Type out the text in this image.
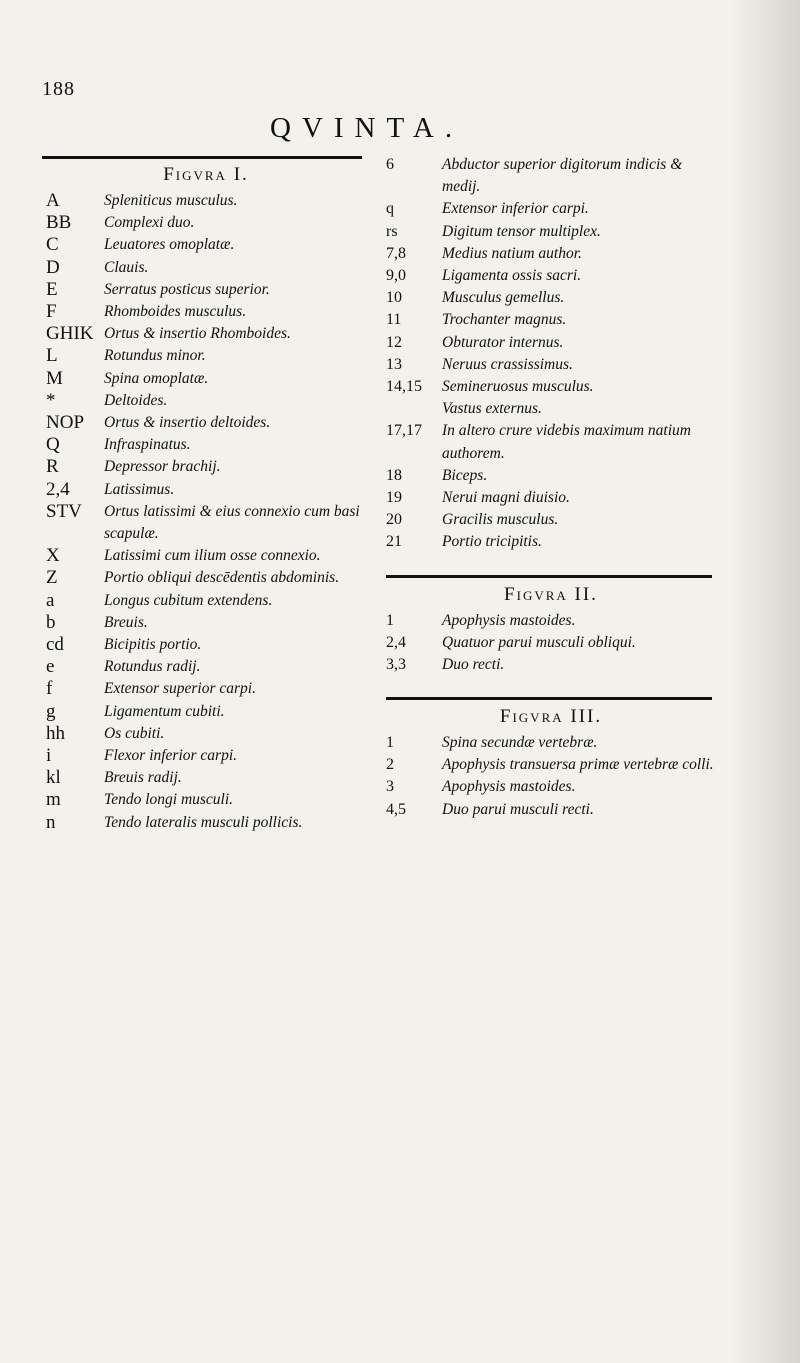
188
QVINTA.
Figvra I.
A	Spleniticus musculus.
BB	Complexi duo.
C	Leuatores omoplatæ.
D	Clauis.
E	Serratus posticus superior.
F	Rhomboides musculus.
GHIK Ortus & insertio Rhomboides.
L	Rotundus minor.
M	Spina omoplatæ.
*	Deltoides.
NOP	Ortus & insertio deltoides.
Q	Infraspinatus.
R	Depressor brachij.
2,4	Latissimus.
STV	Ortus latissimi & eius connexio cum basi scapulæ.
X	Latissimi cum ilium osse connexio.
Z	Portio obliqui descēdentis abdominis.
a	Longus cubitum extendens.
b	Breuis.
cd	Bicipitis portio.
e	Rotundus radij.
f	Extensor superior carpi.
g	Ligamentum cubiti.
hh	Os cubiti.
i	Flexor inferior carpi.
kl	Breuis radij.
m	Tendo longi musculi.
n	Tendo lateralis musculi pollicis.
6	Abductor superior digitorum indicis & medij.
q	Extensor inferior carpi.
rs	Digitum tensor multiplex.
7,8	Medius natium author.
9,0	Ligamenta ossis sacri.
10	Musculus gemellus.
11	Trochanter magnus.
12	Obturator internus.
13	Neruus crassissimus.
14,15	Semineruosus musculus.
Vastus externus.
17,17	In altero crure videbis maximum natium authorem.
18	Biceps.
19	Nerui magni diuisio.
20	Gracilis musculus.
21	Portio tricipitis.
Figvra II.
1	Apophysis mastoides.
2,4	Quatuor parui musculi obliqui.
3,3	Duo recti.
Figvra III.
1	Spina secundæ vertebræ.
2	Apophysis transuersa primæ vertebræ colli.
3	Apophysis mastoides.
4,5	Duo parui musculi recti.
